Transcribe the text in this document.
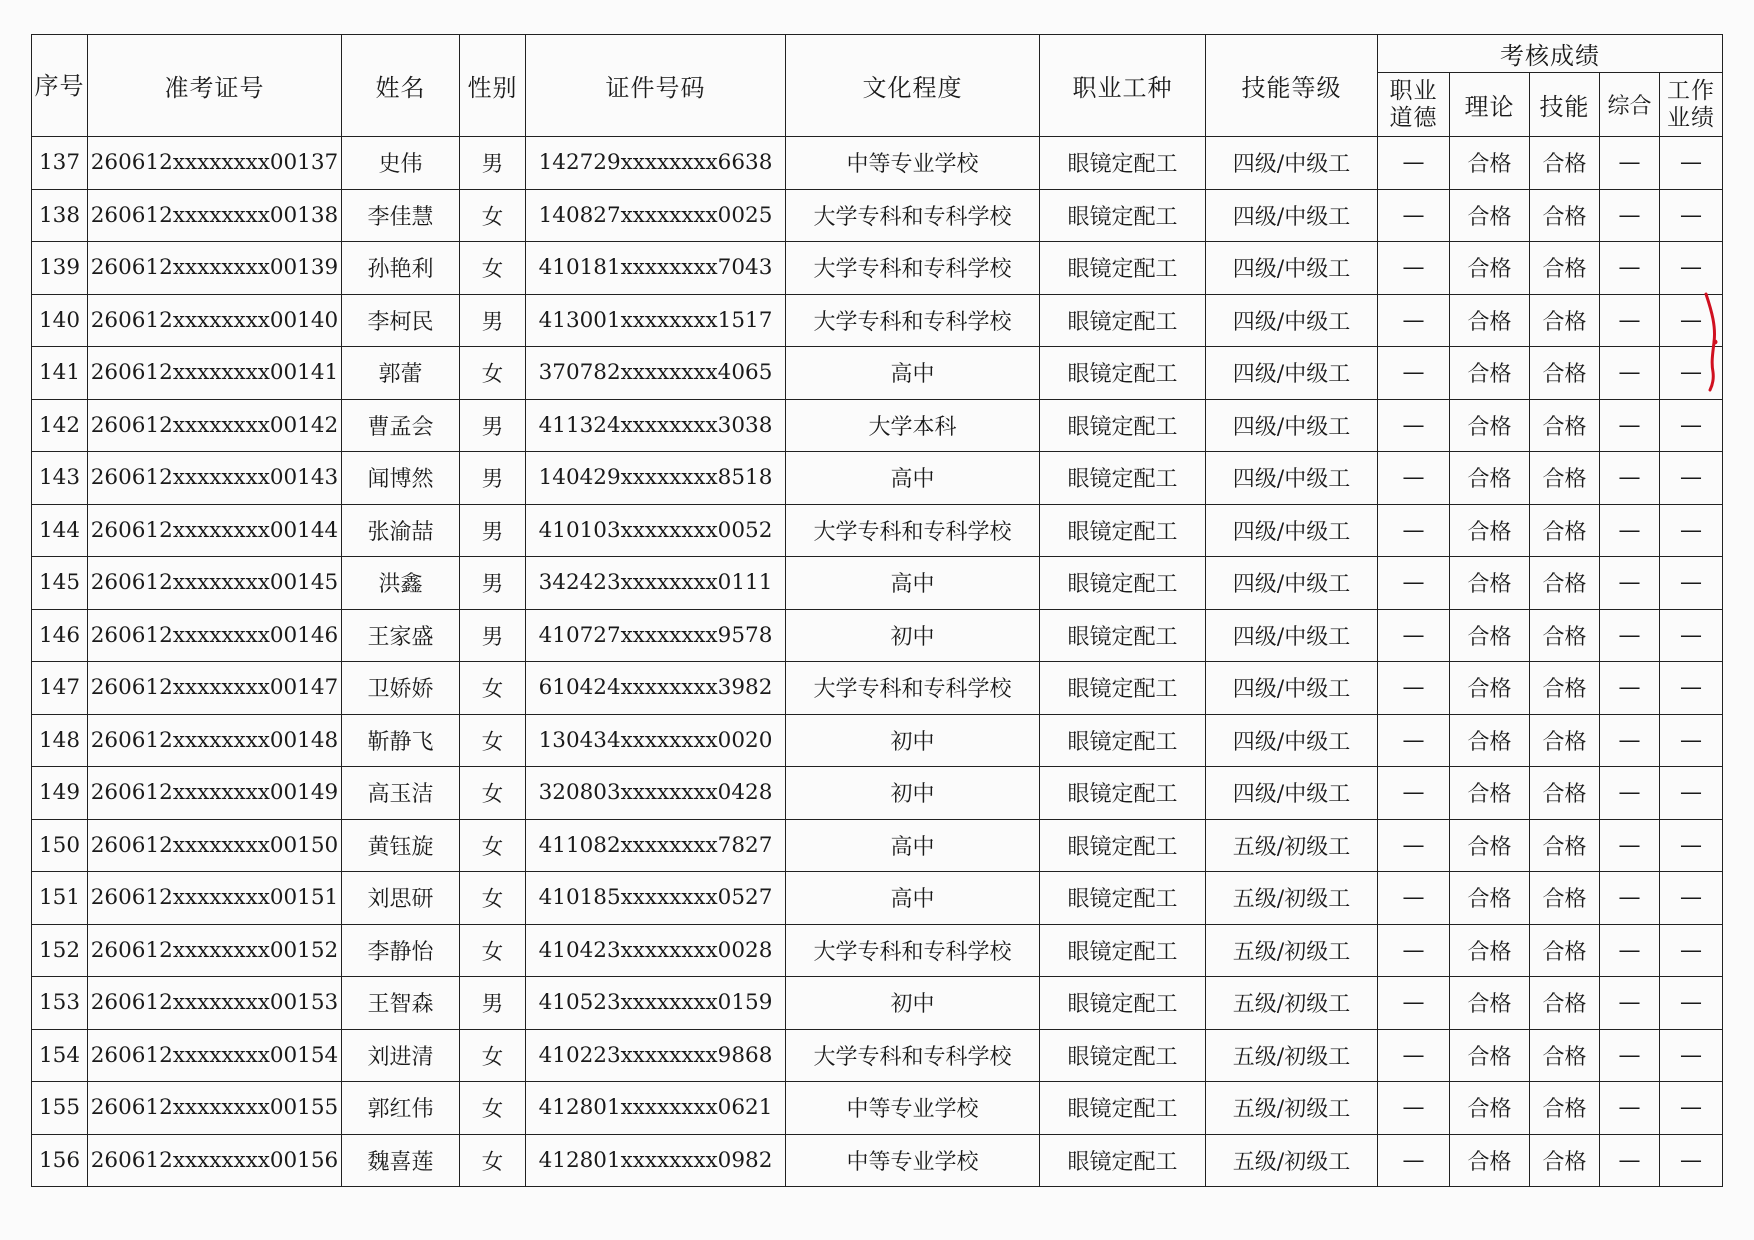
序号	准考证号	姓名	性别	证件号码	文化程度	职业工种	技能等级	考核成绩				
								职业道德	理论	技能	综合	工作业绩
137	260612xxxxxxxx00137	史伟	男	142729xxxxxxxx6638	中等专业学校	眼镜定配工	四级/中级工	—	合格	合格	—	—
138	260612xxxxxxxx00138	李佳慧	女	140827xxxxxxxx0025	大学专科和专科学校	眼镜定配工	四级/中级工	—	合格	合格	—	—
139	260612xxxxxxxx00139	孙艳利	女	410181xxxxxxxx7043	大学专科和专科学校	眼镜定配工	四级/中级工	—	合格	合格	—	—
140	260612xxxxxxxx00140	李柯民	男	413001xxxxxxxx1517	大学专科和专科学校	眼镜定配工	四级/中级工	—	合格	合格	—	—
141	260612xxxxxxxx00141	郭蕾	女	370782xxxxxxxx4065	高中	眼镜定配工	四级/中级工	—	合格	合格	—	—
142	260612xxxxxxxx00142	曹孟会	男	411324xxxxxxxx3038	大学本科	眼镜定配工	四级/中级工	—	合格	合格	—	—
143	260612xxxxxxxx00143	闻博然	男	140429xxxxxxxx8518	高中	眼镜定配工	四级/中级工	—	合格	合格	—	—
144	260612xxxxxxxx00144	张渝喆	男	410103xxxxxxxx0052	大学专科和专科学校	眼镜定配工	四级/中级工	—	合格	合格	—	—
145	260612xxxxxxxx00145	洪鑫	男	342423xxxxxxxx0111	高中	眼镜定配工	四级/中级工	—	合格	合格	—	—
146	260612xxxxxxxx00146	王家盛	男	410727xxxxxxxx9578	初中	眼镜定配工	四级/中级工	—	合格	合格	—	—
147	260612xxxxxxxx00147	卫娇娇	女	610424xxxxxxxx3982	大学专科和专科学校	眼镜定配工	四级/中级工	—	合格	合格	—	—
148	260612xxxxxxxx00148	靳静飞	女	130434xxxxxxxx0020	初中	眼镜定配工	四级/中级工	—	合格	合格	—	—
149	260612xxxxxxxx00149	高玉洁	女	320803xxxxxxxx0428	初中	眼镜定配工	四级/中级工	—	合格	合格	—	—
150	260612xxxxxxxx00150	黄钰旋	女	411082xxxxxxxx7827	高中	眼镜定配工	五级/初级工	—	合格	合格	—	—
151	260612xxxxxxxx00151	刘思研	女	410185xxxxxxxx0527	高中	眼镜定配工	五级/初级工	—	合格	合格	—	—
152	260612xxxxxxxx00152	李静怡	女	410423xxxxxxxx0028	大学专科和专科学校	眼镜定配工	五级/初级工	—	合格	合格	—	—
153	260612xxxxxxxx00153	王智森	男	410523xxxxxxxx0159	初中	眼镜定配工	五级/初级工	—	合格	合格	—	—
154	260612xxxxxxxx00154	刘进清	女	410223xxxxxxxx9868	大学专科和专科学校	眼镜定配工	五级/初级工	—	合格	合格	—	—
155	260612xxxxxxxx00155	郭红伟	女	412801xxxxxxxx0621	中等专业学校	眼镜定配工	五级/初级工	—	合格	合格	—	—
156	260612xxxxxxxx00156	魏喜莲	女	412801xxxxxxxx0982	中等专业学校	眼镜定配工	五级/初级工	—	合格	合格	—	—
